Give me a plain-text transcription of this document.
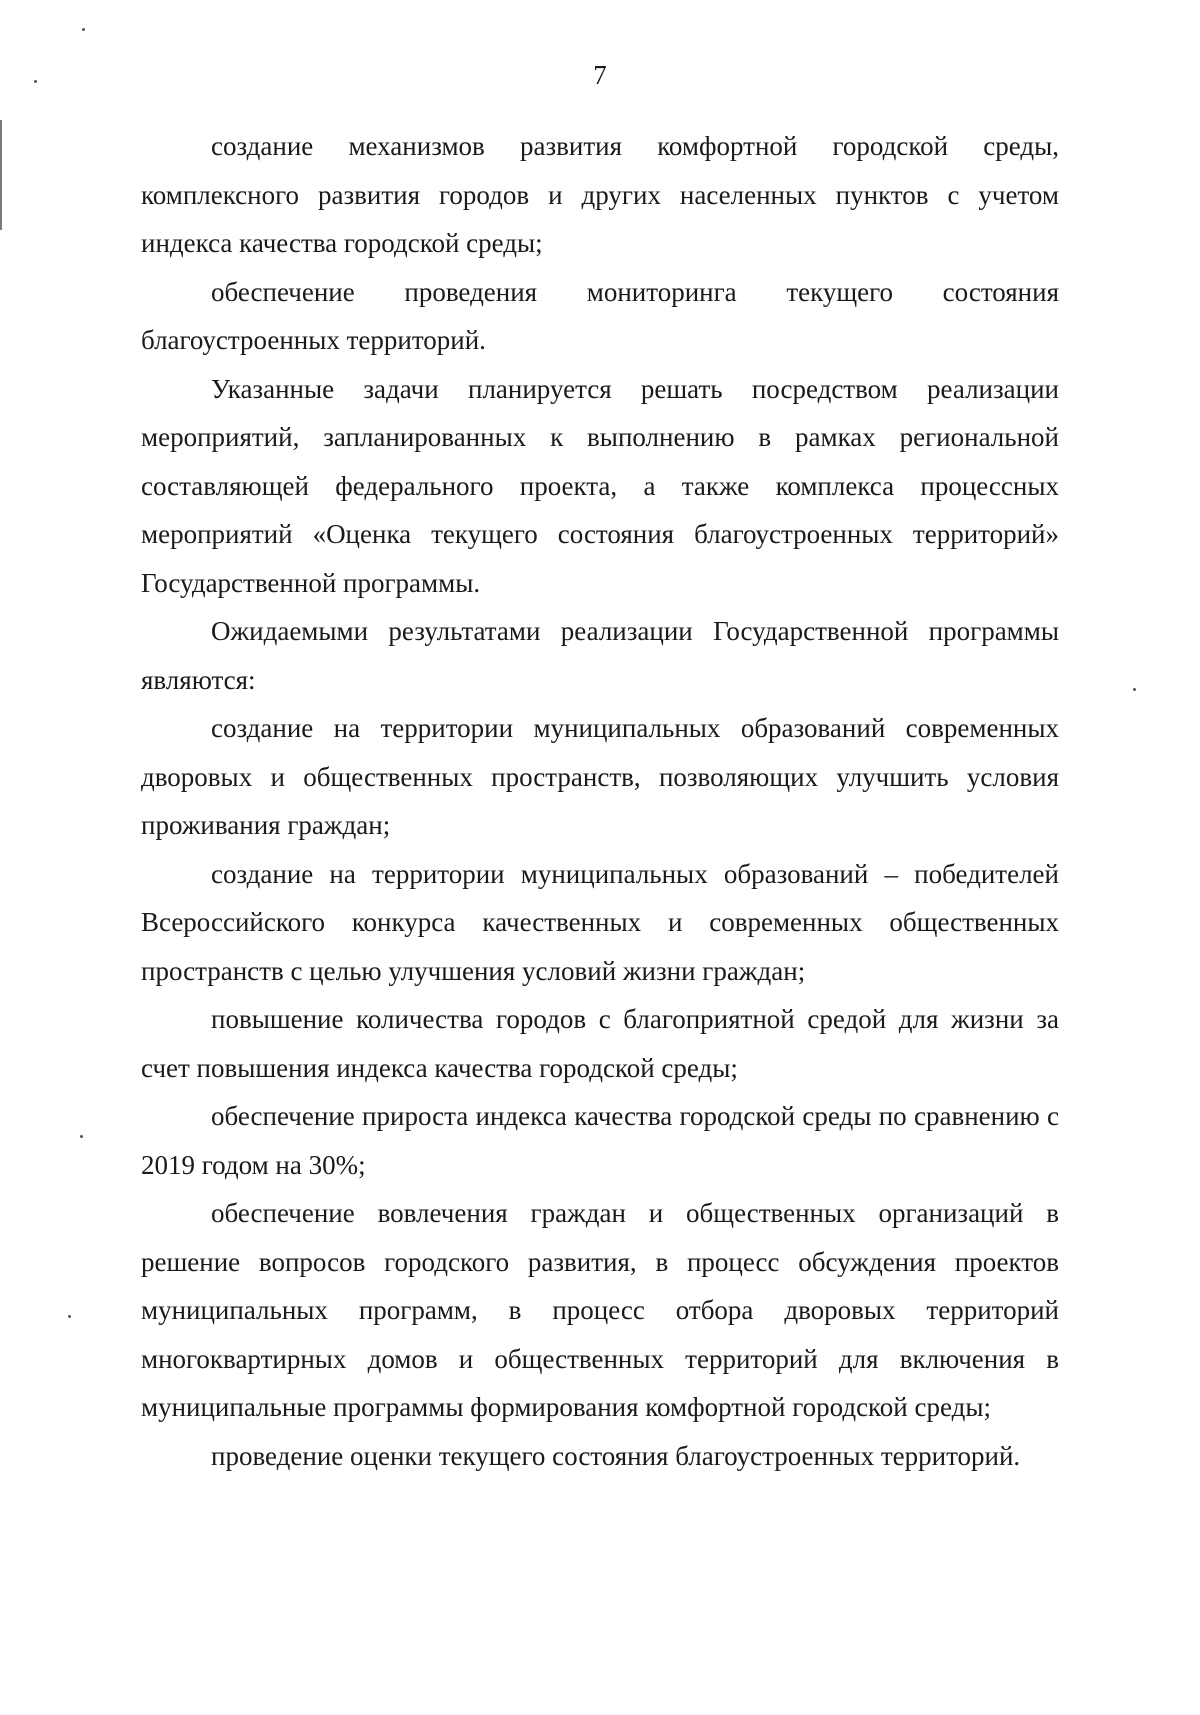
7

создание механизмов развития комфортной городской среды, комплексного развития городов и других населенных пунктов с учетом индекса качества городской среды;

обеспечение проведения мониторинга текущего состояния благоустроенных территорий.

Указанные задачи планируется решать посредством реализации мероприятий, запланированных к выполнению в рамках региональной составляющей федерального проекта, а также комплекса процессных мероприятий «Оценка текущего состояния благоустроенных территорий» Государственной программы.

Ожидаемыми результатами реализации Государственной программы являются:

создание на территории муниципальных образований современных дворовых и общественных пространств, позволяющих улучшить условия проживания граждан;

создание на территории муниципальных образований – победителей Всероссийского конкурса качественных и современных общественных пространств с целью улучшения условий жизни граждан;

повышение количества городов с благоприятной средой для жизни за счет повышения индекса качества городской среды;

обеспечение прироста индекса качества городской среды по сравнению с 2019 годом на 30%;

обеспечение вовлечения граждан и общественных организаций в решение вопросов городского развития, в процесс обсуждения проектов муниципальных программ, в процесс отбора дворовых территорий многоквартирных домов и общественных территорий для включения в муниципальные программы формирования комфортной городской среды;

проведение оценки текущего состояния благоустроенных территорий.
